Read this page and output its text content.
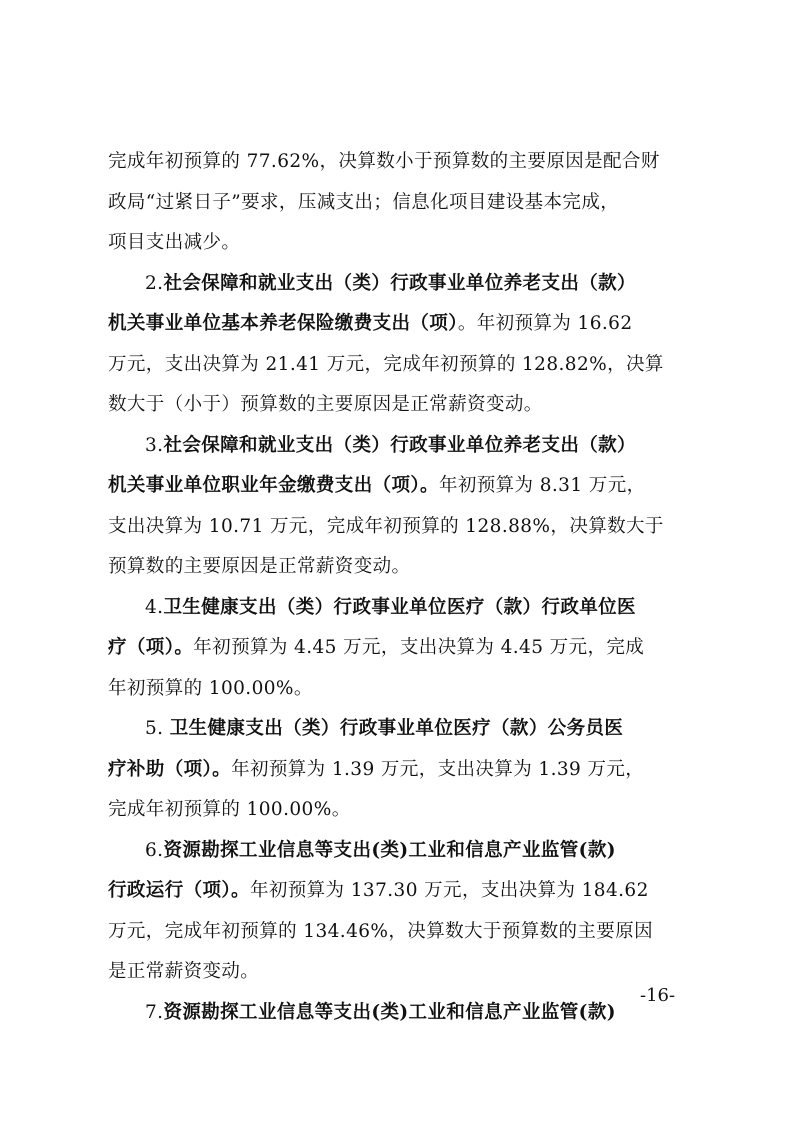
完成年初预算的 77.62%，决算数小于预算数的主要原因是配合财
政局“过紧日子”要求，压减支出；信息化项目建设基本完成，
项目支出减少。

2.社会保障和就业支出（类）行政事业单位养老支出（款）
机关事业单位基本养老保险缴费支出（项）。年初预算为 16.62
万元，支出决算为 21.41 万元，完成年初预算的 128.82%，决算
数大于（小于）预算数的主要原因是正常薪资变动。

3.社会保障和就业支出（类）行政事业单位养老支出（款）
机关事业单位职业年金缴费支出（项）。年初预算为 8.31 万元，
支出决算为 10.71 万元，完成年初预算的 128.88%，决算数大于
预算数的主要原因是正常薪资变动。

4.卫生健康支出（类）行政事业单位医疗（款）行政单位医
疗（项）。年初预算为 4.45 万元，支出决算为 4.45 万元，完成
年初预算的 100.00%。

5. 卫生健康支出（类）行政事业单位医疗（款）公务员医
疗补助（项）。年初预算为 1.39 万元，支出决算为 1.39 万元，
完成年初预算的 100.00%。

6.资源勘探工业信息等支出(类)工业和信息产业监管(款)
行政运行（项）。年初预算为 137.30 万元，支出决算为 184.62
万元，完成年初预算的 134.46%，决算数大于预算数的主要原因
是正常薪资变动。

7.资源勘探工业信息等支出(类)工业和信息产业监管(款)

-16-
